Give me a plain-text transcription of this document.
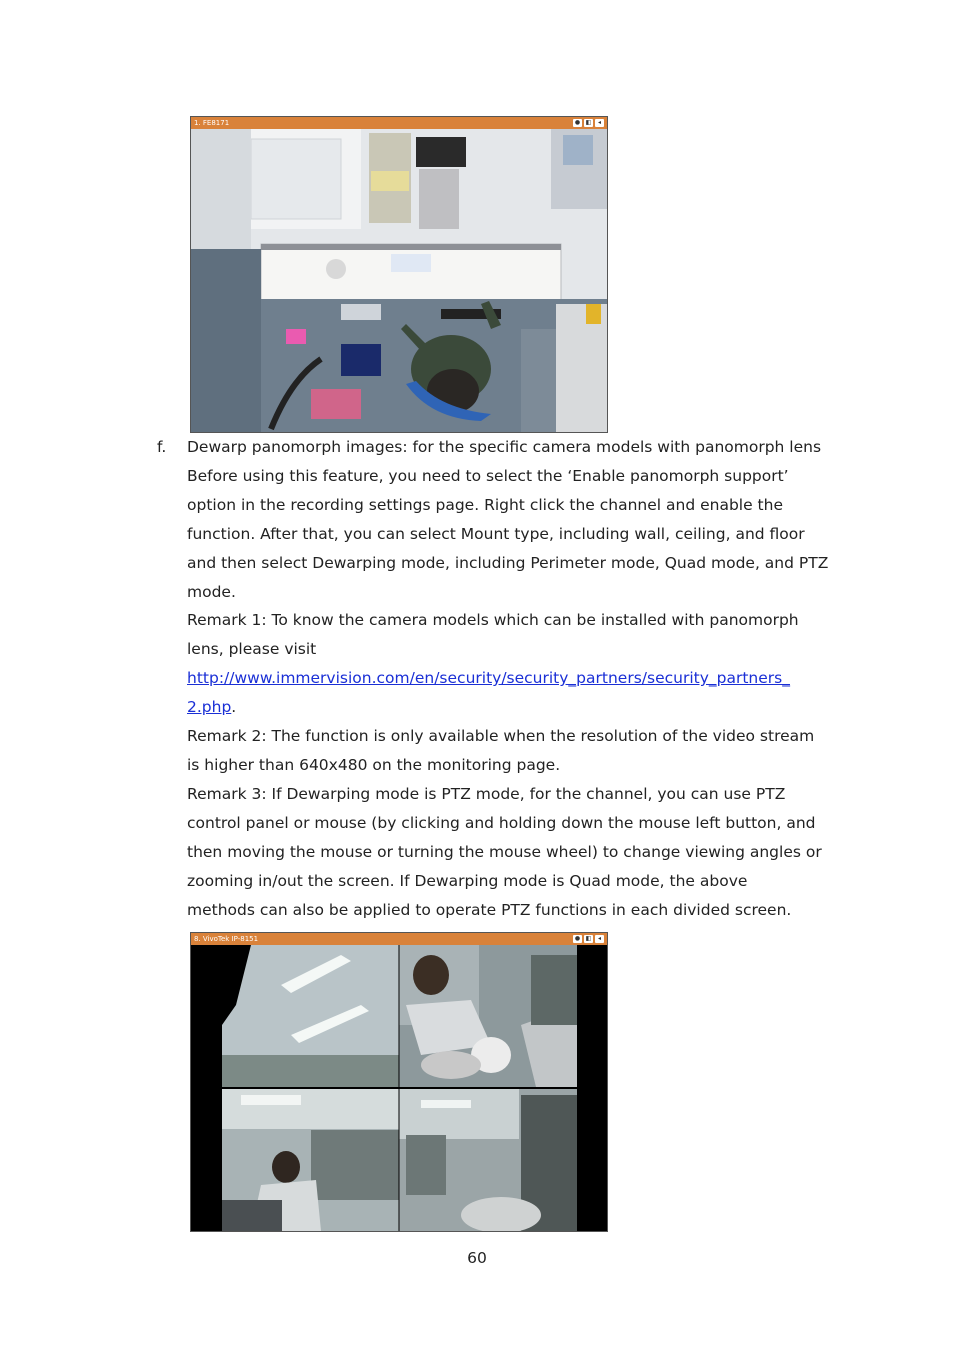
1. FE8171	● ◧	◂
f. Dewarp panomorph images: for the specific camera models with panomorph lens
Before using this feature, you need to select the ‘Enable panomorph support’
option in the recording settings page. Right click the channel and enable the
function. After that, you can select Mount type, including wall, ceiling, and floor
and then select Dewarping mode, including Perimeter mode, Quad mode, and PTZ
mode.
Remark 1: To know the camera models which can be installed with panomorph
lens, please visit
http://www.immervision.com/en/security/security_partners/security_partners_
2.php.
Remark 2: The function is only available when the resolution of the video stream
is higher than 640x480 on the monitoring page.
Remark 3: If Dewarping mode is PTZ mode, for the channel, you can use PTZ
control panel or mouse (by clicking and holding down the mouse left button, and
then moving the mouse or turning the mouse wheel) to change viewing angles or
zooming in/out the screen. If Dewarping mode is Quad mode, the above
methods can also be applied to operate PTZ functions in each divided screen.
8. VivoTek IP-8151	● ◧	◂
60
